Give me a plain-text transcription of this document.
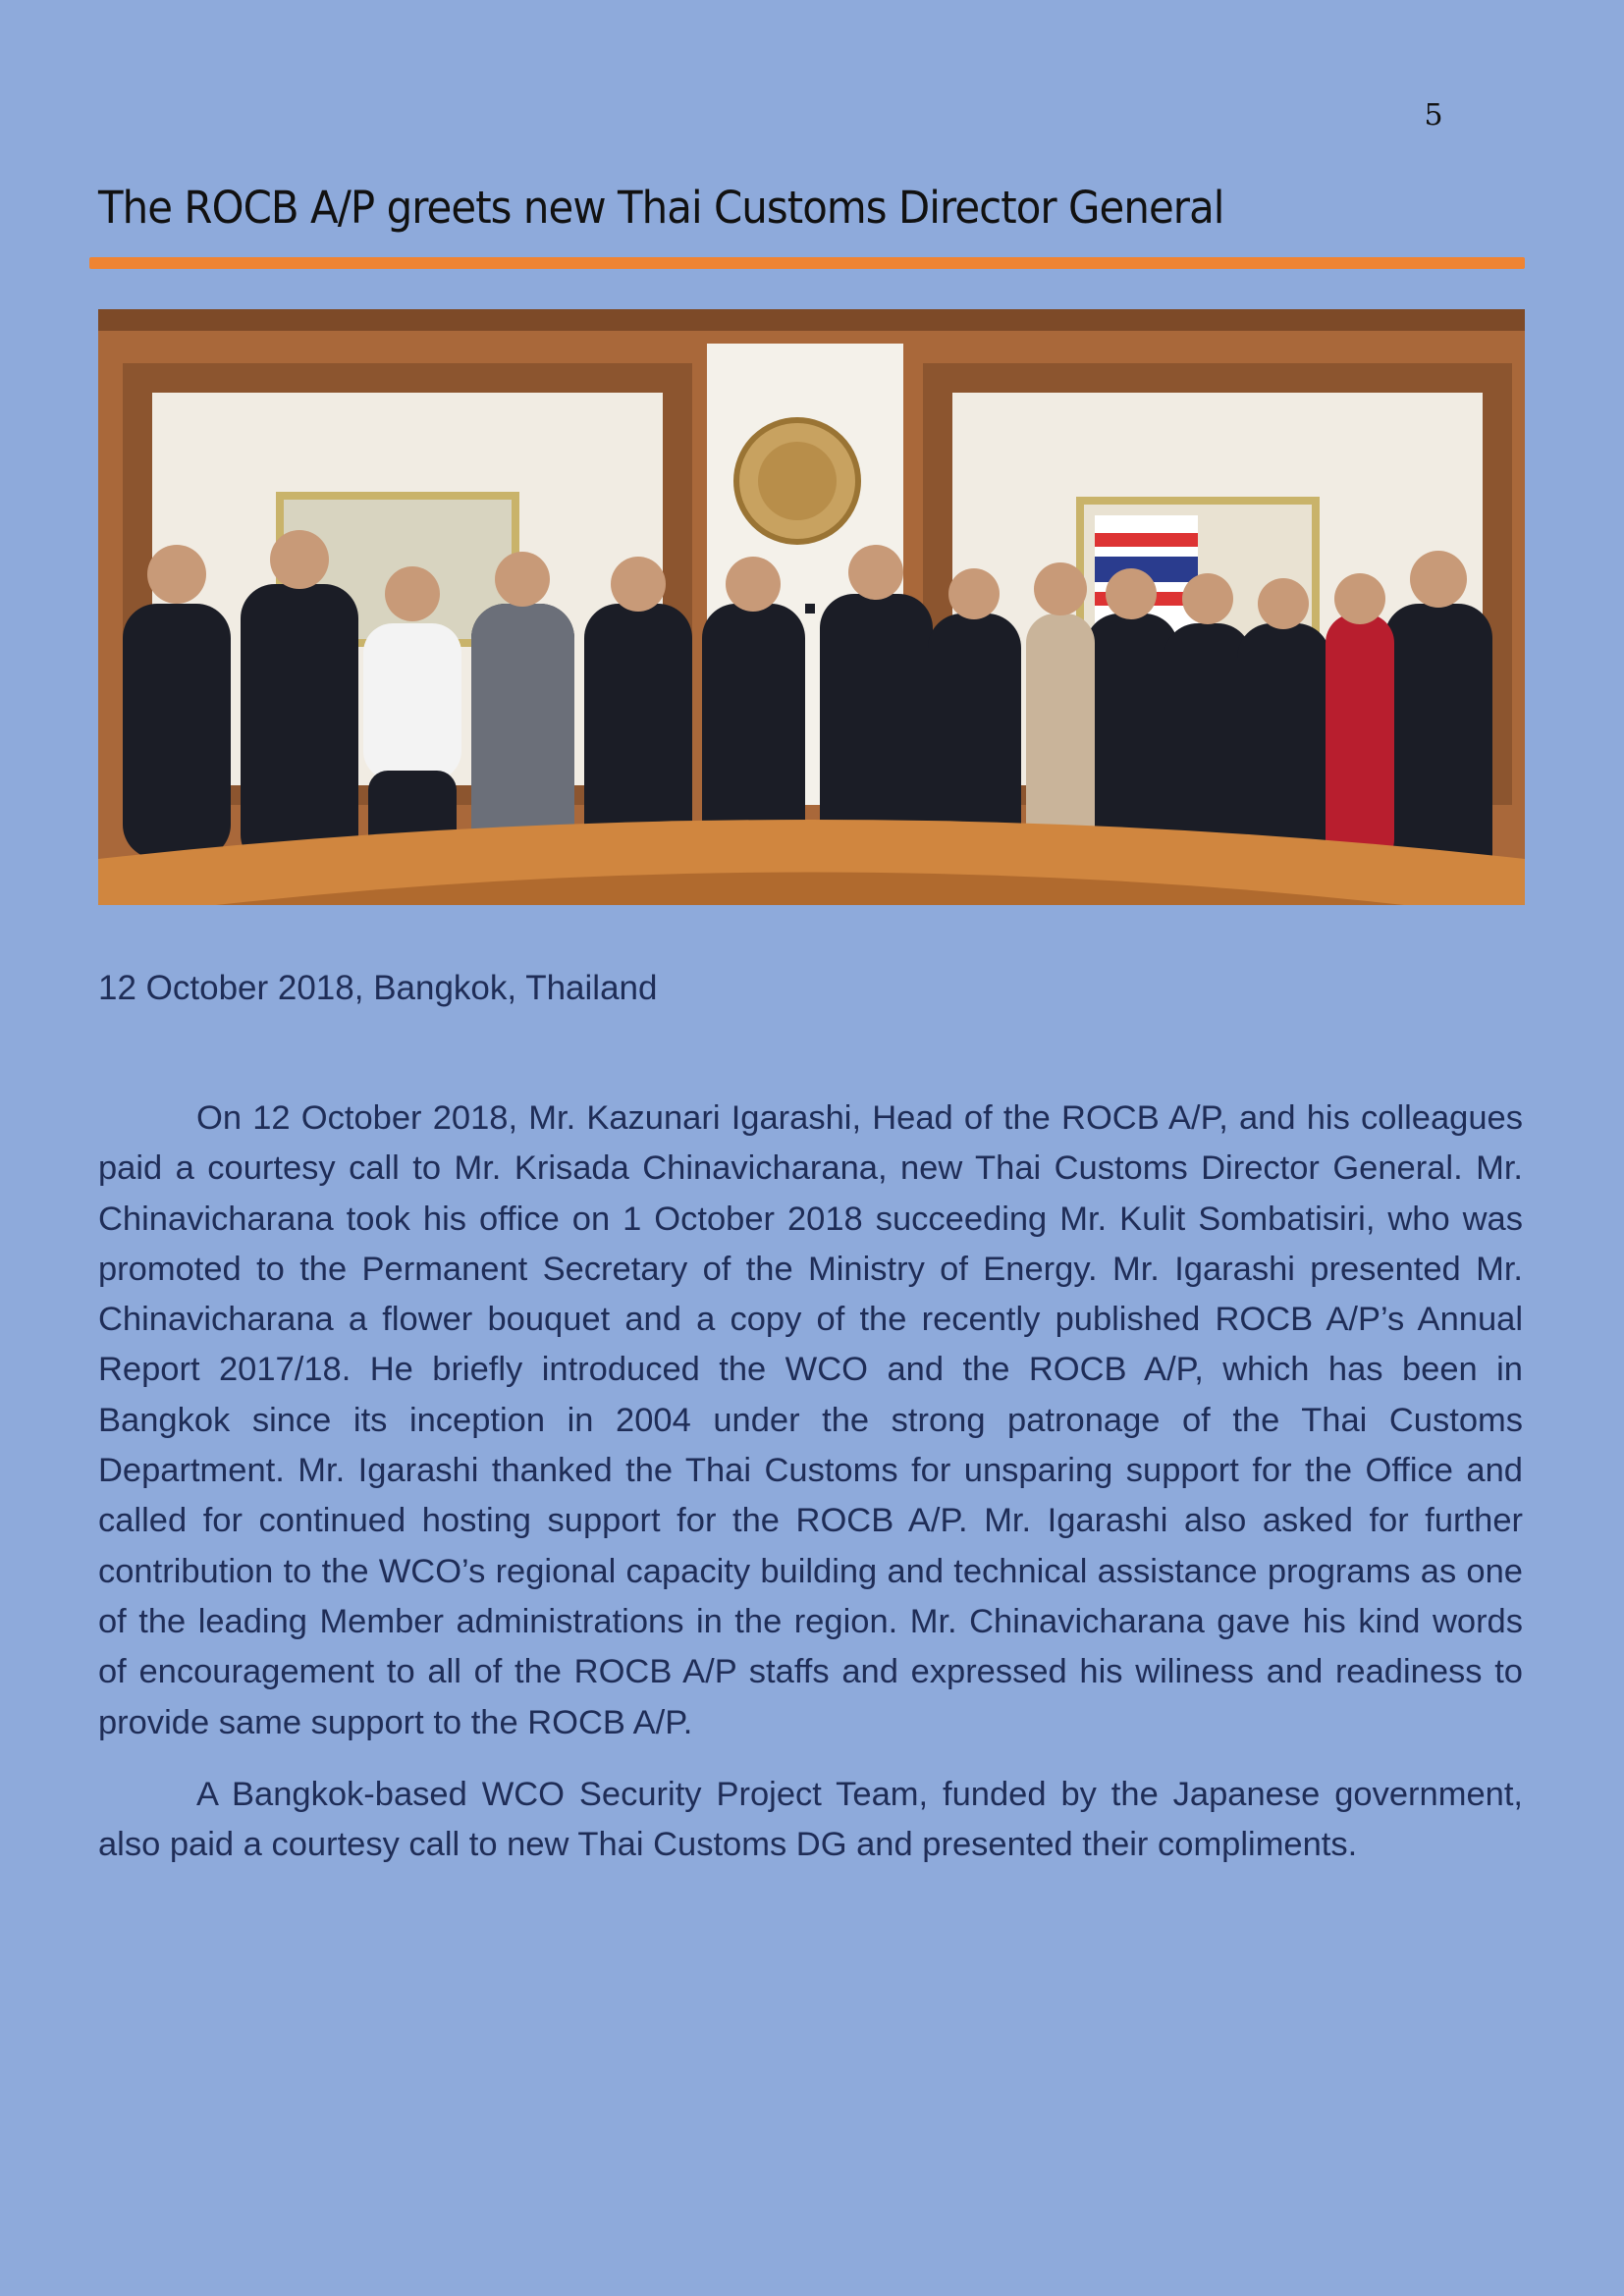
5
The ROCB A/P greets new Thai Customs Director General
12 October 2018, Bangkok, Thailand

On 12 October 2018, Mr. Kazunari Igarashi, Head of the ROCB A/P, and his colleagues paid a courtesy call to Mr. Krisada Chinavicharana, new Thai Customs Director General. Mr. Chinavicharana took his office on 1 October 2018 succeeding Mr. Kulit Sombatisiri, who was promoted to the Permanent Secretary of the Ministry of Energy. Mr. Igarashi presented Mr. Chinavicharana a flower bouquet and a copy of the recently published ROCB A/P’s Annual Report 2017/18. He briefly introduced the WCO and the ROCB A/P, which has been in Bangkok since its inception in 2004 under the strong patronage of the Thai Customs Department. Mr. Igarashi thanked the Thai Customs for unsparing support for the Office and called for continued hosting support for the ROCB A/P. Mr. Igarashi also asked for further contribution to the WCO’s regional capacity building and technical assistance programs as one of the leading Member administrations in the region. Mr. Chinavicharana gave his kind words of encouragement to all of the ROCB A/P staffs and expressed his wiliness and readiness to provide same support to the ROCB A/P.

A Bangkok-based WCO Security Project Team, funded by the Japanese government, also paid a courtesy call to new Thai Customs DG and presented their compliments.
